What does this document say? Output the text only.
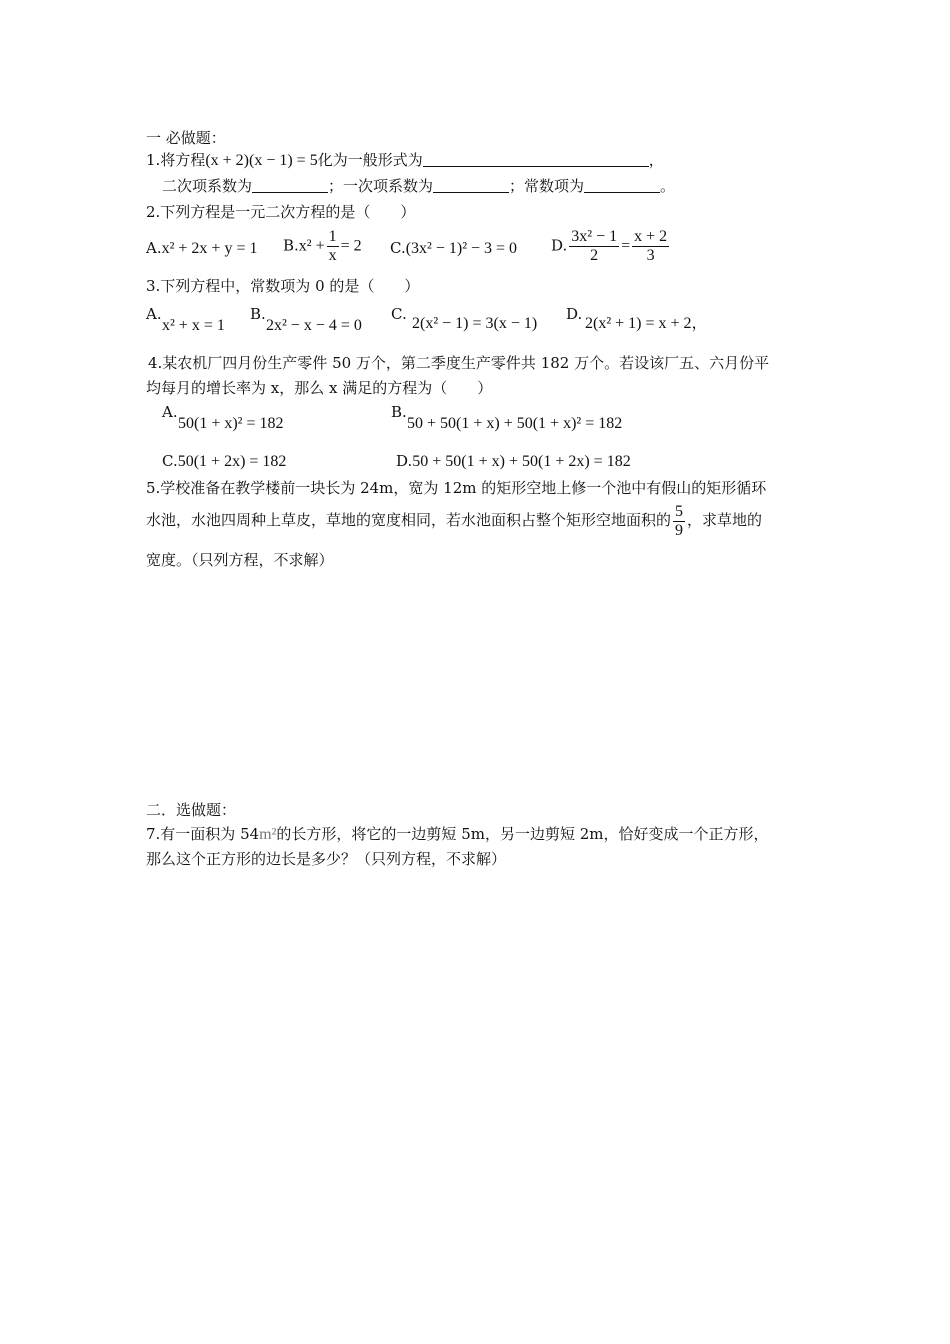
一 必做题：
1.将方程(x + 2)(x − 1) = 5化为一般形式为	，
二次项系数为	；一次项系数为	；常数项为	。
2.下列方程是一元二次方程的是（　　）
A.x² + 2x + y = 1 $B.x^2 + \frac{1}{x} = 2$ C.(3x² − 1)² − 3 = 0 D. $\frac{\text{3x² − 1}}{2} = \frac{x + 2}{3}$
3.下列方程中，常数项为 0 的是（　　）
A.
x² + x = 1
B.
2x² − x − 4 = 0
C.
2(x² − 1) = 3(x − 1)
D.
2(x² + 1) = x + 2，
4.某农机厂四月份生产零件 50 万个，第二季度生产零件共 182 万个。若设该厂五、六月份平
均每月的增长率为 x，那么 x 满足的方程为（　　）
A.
50(1 + x)² = 182
B.
50 + 50(1 + x) + 50(1 + x)² = 182
C.50(1 + 2x) = 182	D.50 + 50(1 + x) + 50(1 + 2x) = 182
5.学校准备在教学楼前一块长为 24m，宽为 12m 的矩形空地上修一个池中有假山的矩形循环
水池，水池四周种上草皮，草地的宽度相同，若水池面积占整个矩形空地面积的 $\frac{5}{9}$ ，求草地的
宽度。（只列方程，不求解）
二．选做题：
7.有一面积为 54m²的长方形，将它的一边剪短 5m，另一边剪短 2m，恰好变成一个正方形，
那么这个正方形的边长是多少？（只列方程，不求解）
